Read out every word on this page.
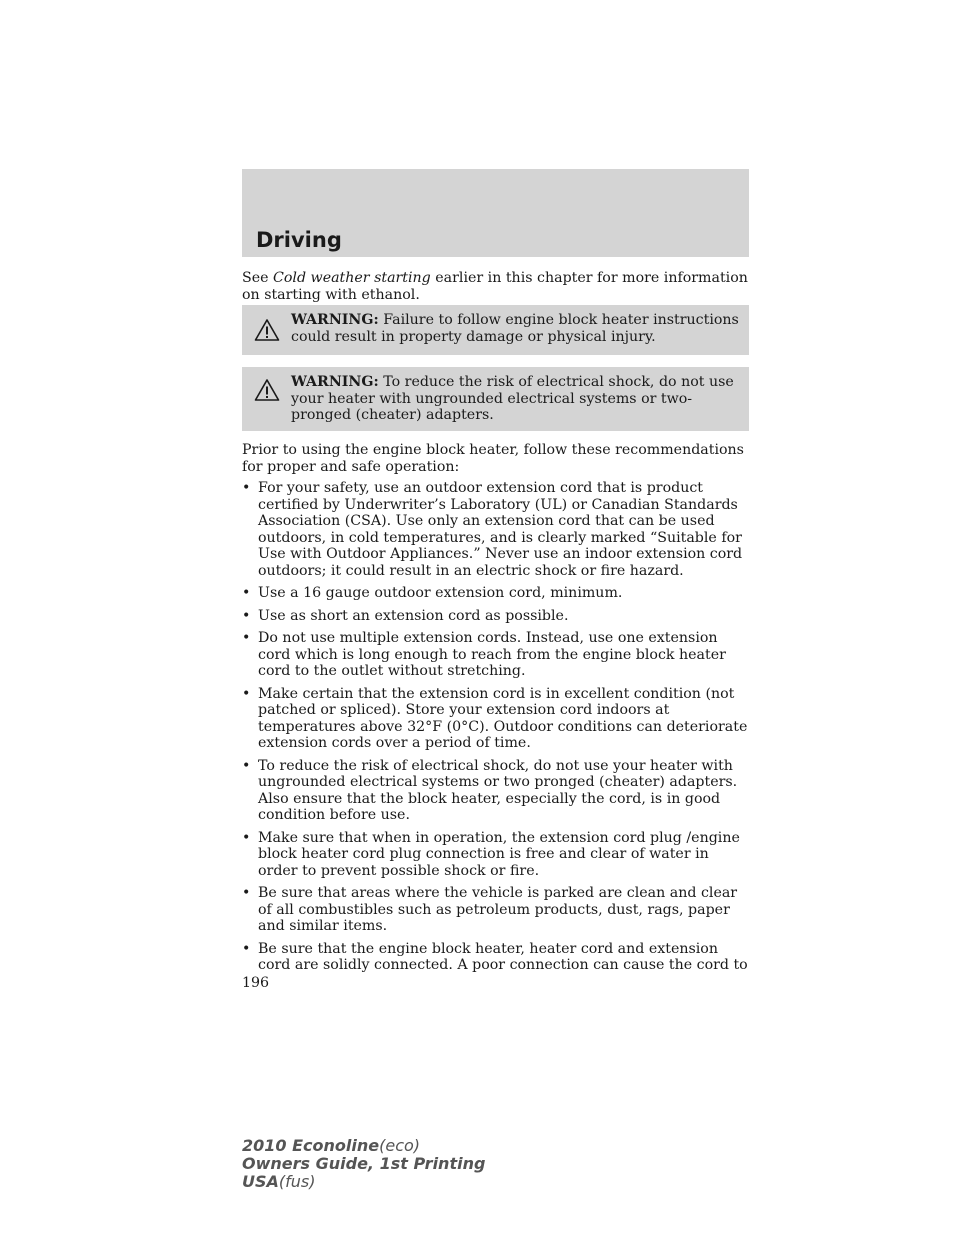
Driving
See Cold weather starting earlier in this chapter for more information on starting with ethanol.
WARNING: Failure to follow engine block heater instructions could result in property damage or physical injury.
WARNING: To reduce the risk of electrical shock, do not use your heater with ungrounded electrical systems or two-pronged (cheater) adapters.
Prior to using the engine block heater, follow these recommendations for proper and safe operation:
• For your safety, use an outdoor extension cord that is product certified by Underwriter’s Laboratory (UL) or Canadian Standards Association (CSA). Use only an extension cord that can be used outdoors, in cold temperatures, and is clearly marked “Suitable for Use with Outdoor Appliances.” Never use an indoor extension cord outdoors; it could result in an electric shock or fire hazard.
• Use a 16 gauge outdoor extension cord, minimum.
• Use as short an extension cord as possible.
• Do not use multiple extension cords. Instead, use one extension cord which is long enough to reach from the engine block heater cord to the outlet without stretching.
• Make certain that the extension cord is in excellent condition (not patched or spliced). Store your extension cord indoors at temperatures above 32°F (0°C). Outdoor conditions can deteriorate extension cords over a period of time.
• To reduce the risk of electrical shock, do not use your heater with ungrounded electrical systems or two pronged (cheater) adapters. Also ensure that the block heater, especially the cord, is in good condition before use.
• Make sure that when in operation, the extension cord plug /engine block heater cord plug connection is free and clear of water in order to prevent possible shock or fire.
• Be sure that areas where the vehicle is parked are clean and clear of all combustibles such as petroleum products, dust, rags, paper and similar items.
• Be sure that the engine block heater, heater cord and extension cord are solidly connected. A poor connection can cause the cord to
196
2010 Econoline(eco)
Owners Guide, 1st Printing
USA(fus)
